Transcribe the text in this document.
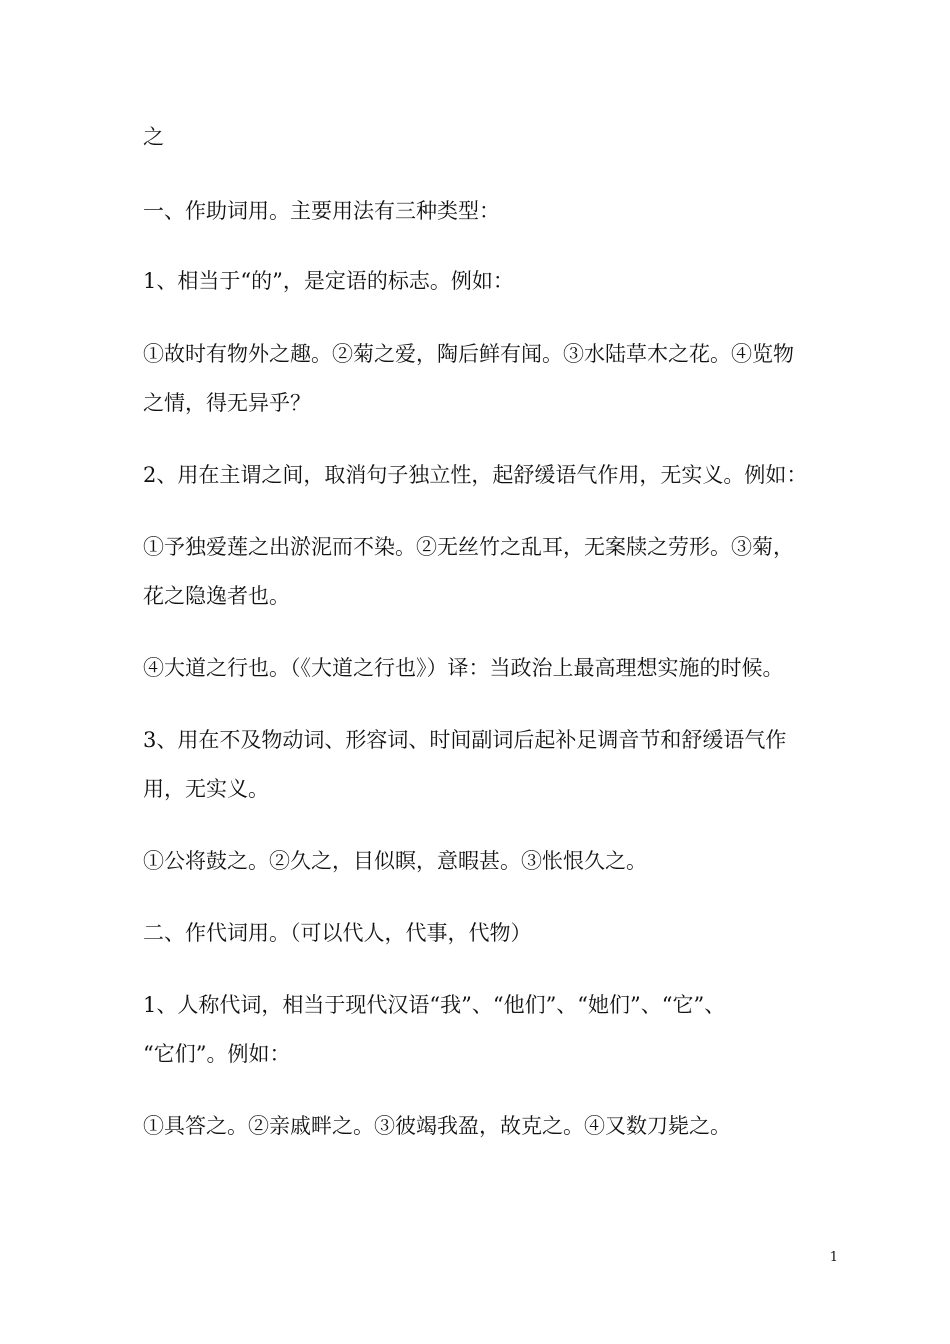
之
一、作助词用。主要用法有三种类型：
1、相当于“的”，是定语的标志。例如：
①故时有物外之趣。②菊之爱，陶后鲜有闻。③水陆草木之花。④览物
之情，得无异乎？
2、用在主谓之间，取消句子独立性，起舒缓语气作用，无实义。例如：
①予独爱莲之出淤泥而不染。②无丝竹之乱耳，无案牍之劳形。③菊，
花之隐逸者也。
④大道之行也。（《大道之行也》）译：当政治上最高理想实施的时候。
3、用在不及物动词、形容词、时间副词后起补足调音节和舒缓语气作
用，无实义。
①公将鼓之。②久之，目似瞑，意暇甚。③怅恨久之。
二、作代词用。（可以代人，代事，代物）
1、人称代词，相当于现代汉语“我”、“他们”、“她们”、“它”、
“它们”。例如：
①具答之。②亲戚畔之。③彼竭我盈，故克之。④又数刀毙之。
1
